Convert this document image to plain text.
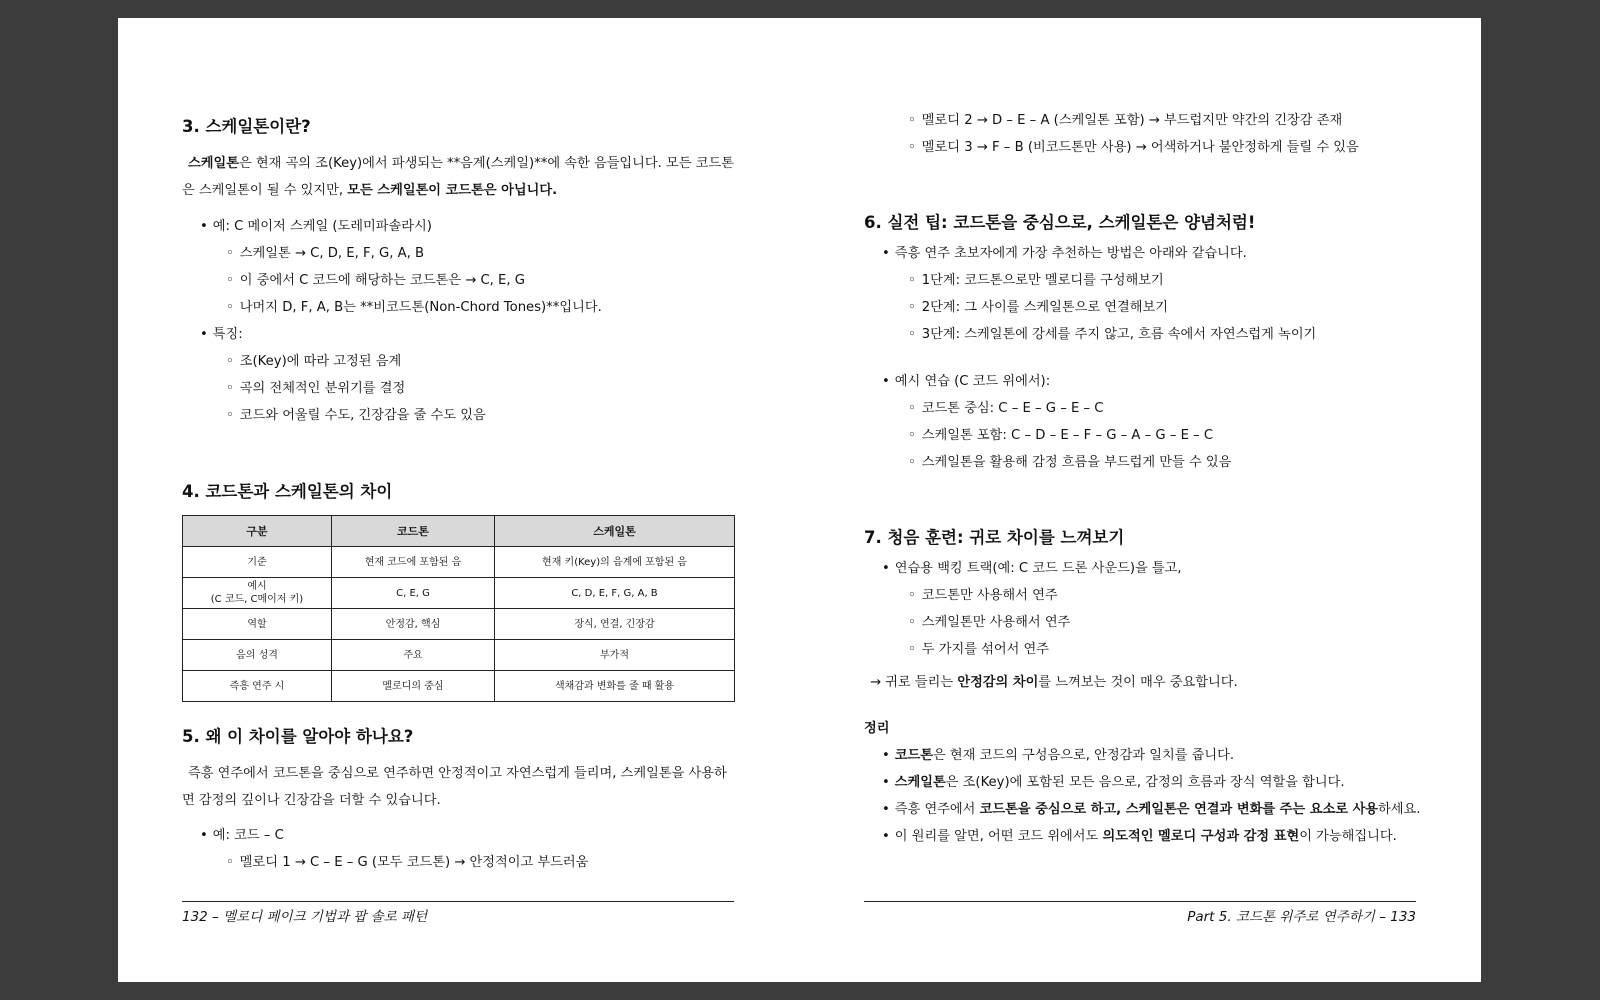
3. 스케일톤이란?
스케일톤은 현재 곡의 조(Key)에서 파생되는 **음계(스케일)**에 속한 음들입니다. 모든 코드톤은 스케일톤이 될 수 있지만, 모든 스케일톤이 코드톤은 아닙니다.
• 예: C 메이저 스케일 (도레미파솔라시)
◦ 스케일톤 → C, D, E, F, G, A, B
◦ 이 중에서 C 코드에 해당하는 코드톤은 → C, E, G
◦ 나머지 D, F, A, B는 **비코드톤(Non-Chord Tones)**입니다.
• 특징:
◦ 조(Key)에 따라 고정된 음계
◦ 곡의 전체적인 분위기를 결정
◦ 코드와 어울릴 수도, 긴장감을 줄 수도 있음
4. 코드톤과 스케일톤의 차이
구분	코드톤	스케일톤
기준	현재 코드에 포함된 음	현재 키(Key)의 음계에 포함된 음
예시
(C 코드, C메이저 키)	C, E, G	C, D, E, F, G, A, B
역할	안정감, 핵심	장식, 연결, 긴장감
음의 성격	주요	부가적
즉흥 연주 시	멜로디의 중심	색채감과 변화를 줄 때 활용
5. 왜 이 차이를 알아야 하나요?
즉흥 연주에서 코드톤을 중심으로 연주하면 안정적이고 자연스럽게 들리며, 스케일톤을 사용하면 감정의 깊이나 긴장감을 더할 수 있습니다.
• 예: 코드 – C
◦ 멜로디 1 → C – E – G (모두 코드톤) → 안정적이고 부드러움
132 – 멜로디 페이크 기법과 팝 솔로 패턴
◦ 멜로디 2 → D – E – A (스케일톤 포함) → 부드럽지만 약간의 긴장감 존재
◦ 멜로디 3 → F – B (비코드톤만 사용) → 어색하거나 불안정하게 들릴 수 있음
6. 실전 팁: 코드톤을 중심으로, 스케일톤은 양념처럼!
• 즉흥 연주 초보자에게 가장 추천하는 방법은 아래와 같습니다.
◦ 1단계: 코드톤으로만 멜로디를 구성해보기
◦ 2단계: 그 사이를 스케일톤으로 연결해보기
◦ 3단계: 스케일톤에 강세를 주지 않고, 흐름 속에서 자연스럽게 녹이기
• 예시 연습 (C 코드 위에서):
◦ 코드톤 중심: C – E – G – E – C
◦ 스케일톤 포함: C – D – E – F – G – A – G – E – C
◦ 스케일톤을 활용해 감정 흐름을 부드럽게 만들 수 있음
7. 청음 훈련: 귀로 차이를 느껴보기
• 연습용 백킹 트랙(예: C 코드 드론 사운드)을 틀고,
◦ 코드톤만 사용해서 연주
◦ 스케일톤만 사용해서 연주
◦ 두 가지를 섞어서 연주
→ 귀로 들리는 안정감의 차이를 느껴보는 것이 매우 중요합니다.
정리
• 코드톤은 현재 코드의 구성음으로, 안정감과 일치를 줍니다.
• 스케일톤은 조(Key)에 포함된 모든 음으로, 감정의 흐름과 장식 역할을 합니다.
• 즉흥 연주에서 코드톤을 중심으로 하고, 스케일톤은 연결과 변화를 주는 요소로 사용하세요.
• 이 원리를 알면, 어떤 코드 위에서도 의도적인 멜로디 구성과 감정 표현이 가능해집니다.
Part 5. 코드톤 위주로 연주하기 – 133
